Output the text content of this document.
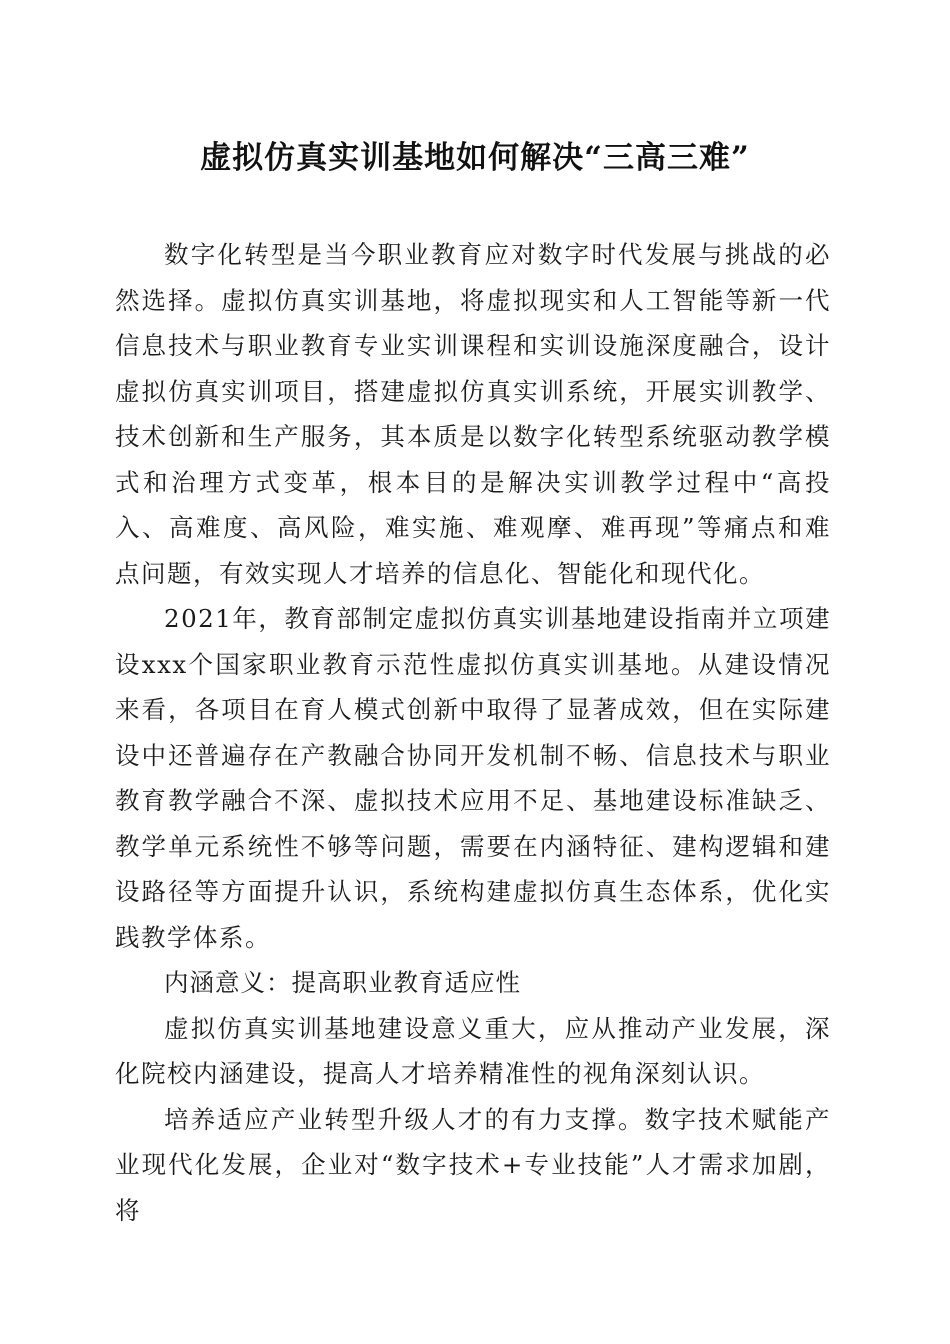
虚拟仿真实训基地如何解决“三高三难”

数字化转型是当今职业教育应对数字时代发展与挑战的必然选择。虚拟仿真实训基地，将虚拟现实和人工智能等新一代信息技术与职业教育专业实训课程和实训设施深度融合，设计虚拟仿真实训项目，搭建虚拟仿真实训系统，开展实训教学、技术创新和生产服务，其本质是以数字化转型系统驱动教学模式和治理方式变革，根本目的是解决实训教学过程中“高投入、高难度、高风险，难实施、难观摩、难再现”等痛点和难点问题，有效实现人才培养的信息化、智能化和现代化。

2021年，教育部制定虚拟仿真实训基地建设指南并立项建设xxx个国家职业教育示范性虚拟仿真实训基地。从建设情况来看，各项目在育人模式创新中取得了显著成效，但在实际建设中还普遍存在产教融合协同开发机制不畅、信息技术与职业教育教学融合不深、虚拟技术应用不足、基地建设标准缺乏、教学单元系统性不够等问题，需要在内涵特征、建构逻辑和建设路径等方面提升认识，系统构建虚拟仿真生态体系，优化实践教学体系。

内涵意义：提高职业教育适应性

虚拟仿真实训基地建设意义重大，应从推动产业发展，深化院校内涵建设，提高人才培养精准性的视角深刻认识。

培养适应产业转型升级人才的有力支撑。数字技术赋能产业现代化发展，企业对“数字技术+专业技能”人才需求加剧，将
